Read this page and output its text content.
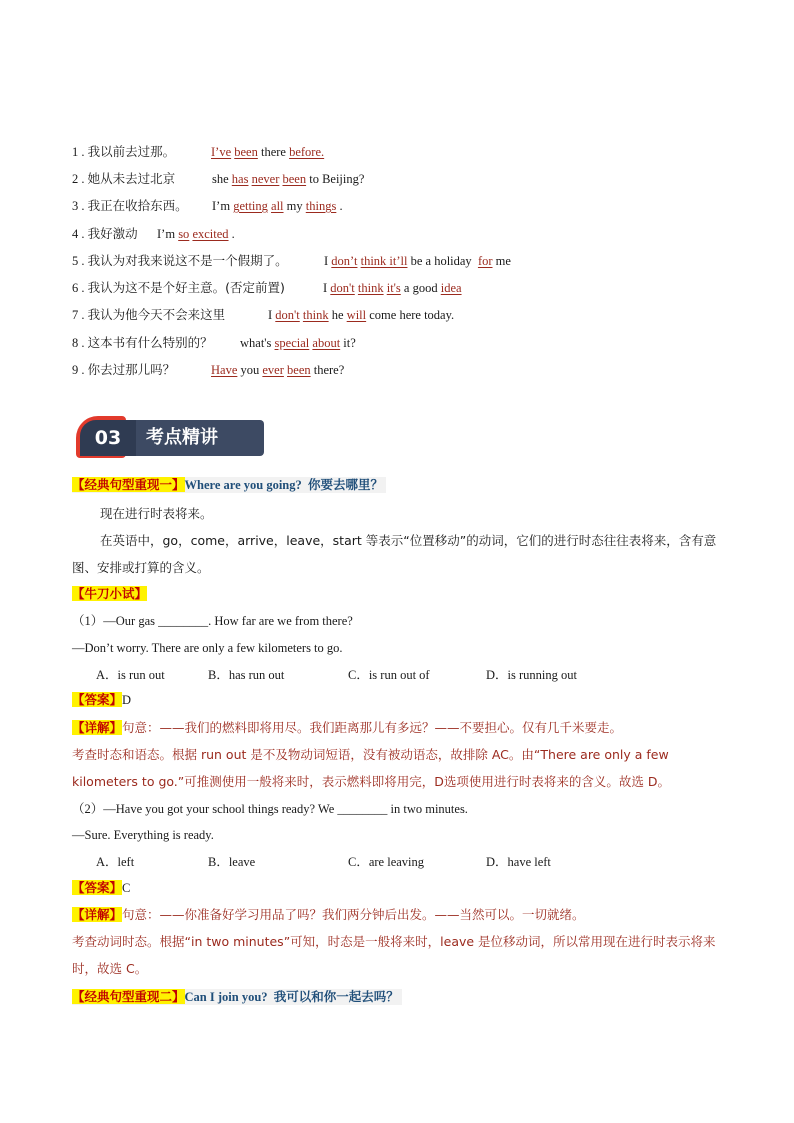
1 . 我以前去过那。	I’ve been there before.
2 . 她从未去过北京	she has never been to Beijing?
3 . 我正在收拾东西。 I’m getting all my things .
4 . 我好激动 I’m so excited .
5 . 我认为对我来说这不是一个假期了。	I don’t think it’ll be a holiday  for me
6 . 我认为这不是个好主意。(否定前置)	I don't think it's a good idea
7 . 我认为他今天不会来这里	I don't think he will come here today.
8 . 这本书有什么特别的？ what's special about it?
9 . 你去过那儿吗？	Have you ever been there?
03	考点精讲
【经典句型重现一】Where are you going? 你要去哪里？
现在进行时表将来。
在英语中，go，come，arrive，leave，start 等表示“位置移动”的动词，它们的进行时态往往表将来，含有意图、安排或打算的含义。
【牛刀小试】
（1）—Our gas ________. How far are we from there?
—Don’t worry. There are only a few kilometers to go.
A．is run out	B．has run out	C．is run out of	D．is running out
【答案】D
【详解】句意：——我们的燃料即将用尽。我们距离那儿有多远？——不要担心。仅有几千米要走。
考查时态和语态。根据 run out 是不及物动词短语，没有被动语态，故排除 AC。由“There are only a few kilometers to go.”可推测使用一般将来时，表示燃料即将用完，D选项使用进行时表将来的含义。故选 D。
（2）—Have you got your school things ready? We ________ in two minutes.
—Sure. Everything is ready.
A．left	B．leave	C．are leaving	D．have left
【答案】C
【详解】句意：——你准备好学习用品了吗？我们两分钟后出发。——当然可以。一切就绪。
考查动词时态。根据“in two minutes”可知，时态是一般将来时，leave 是位移动词，所以常用现在进行时表示将来时，故选 C。
【经典句型重现二】Can I join you? 我可以和你一起去吗？
